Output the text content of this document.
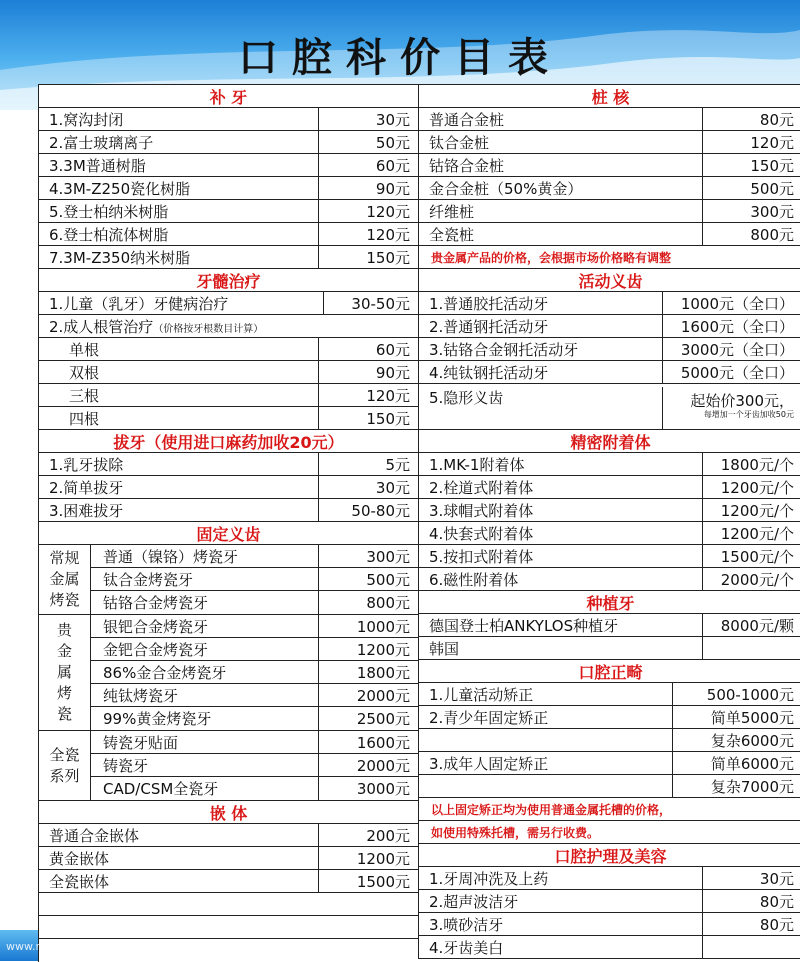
口腔科价目表
补 牙
1.窝沟封闭	30元
2.富士玻璃离子	50元
3.3M普通树脂	60元
4.3M-Z250瓷化树脂	90元
5.登士柏纳米树脂	120元
6.登士柏流体树脂	120元
7.3M-Z350纳米树脂	150元
牙髓治疗
1.儿童（乳牙）牙健病治疗	30-50元
2.成人根管治疗（价格按牙根数目计算）
单根	60元
双根	90元
三根	120元
四根	150元
拔牙（使用进口麻药加收20元）
1.乳牙拔除	5元
2.简单拔牙	30元
3.困难拔牙	50-80元
固定义齿
常规
金属
烤瓷
普通（镍铬）烤瓷牙	300元
钛合金烤瓷牙	500元
钴铬合金烤瓷牙	800元
贵
金
属
烤
瓷
银钯合金烤瓷牙	1000元
金钯合金烤瓷牙	1200元
86%金合金烤瓷牙	1800元
纯钛烤瓷牙	2000元
99%黄金烤瓷牙	2500元
全瓷
系列
铸瓷牙贴面	1600元
铸瓷牙	2000元
CAD/CSM全瓷牙	3000元
嵌 体
普通合金嵌体	200元
黄金嵌体	1200元
全瓷嵌体	1500元
桩 核
普通合金桩	80元
钛合金桩	120元
钴铬合金桩	150元
金合金桩（50%黄金）	500元
纤维桩	300元
全瓷桩	800元
贵金属产品的价格，会根据市场价格略有调整
活动义齿
1.普通胶托活动牙	1000元（全口）
2.普通钢托活动牙	1600元（全口）
3.钴铬合金钢托活动牙	3000元（全口）
4.纯钛钢托活动牙	5000元（全口）
5.隐形义齿	起始价300元，
每增加一个牙齿加收50元
精密附着体
1.MK-1附着体	1800元/个
2.栓道式附着体	1200元/个
3.球帽式附着体	1200元/个
4.快套式附着体	1200元/个
5.按扣式附着体	1500元/个
6.磁性附着体	2000元/个
种植牙
德国登士柏ANKYLOS种植牙	8000元/颗
韩国
口腔正畸
1.儿童活动矫正	500-1000元
2.青少年固定矫正	简单5000元
复杂6000元
3.成年人固定矫正	简单6000元
复杂7000元
以上固定矫正均为使用普通金属托槽的价格，
如使用特殊托槽，需另行收费。
口腔护理及美容
1.牙周冲洗及上药	30元
2.超声波洁牙	80元
3.喷砂洁牙	80元
4.牙齿美白
www.nipic.com 昵图网 编号：16651219
